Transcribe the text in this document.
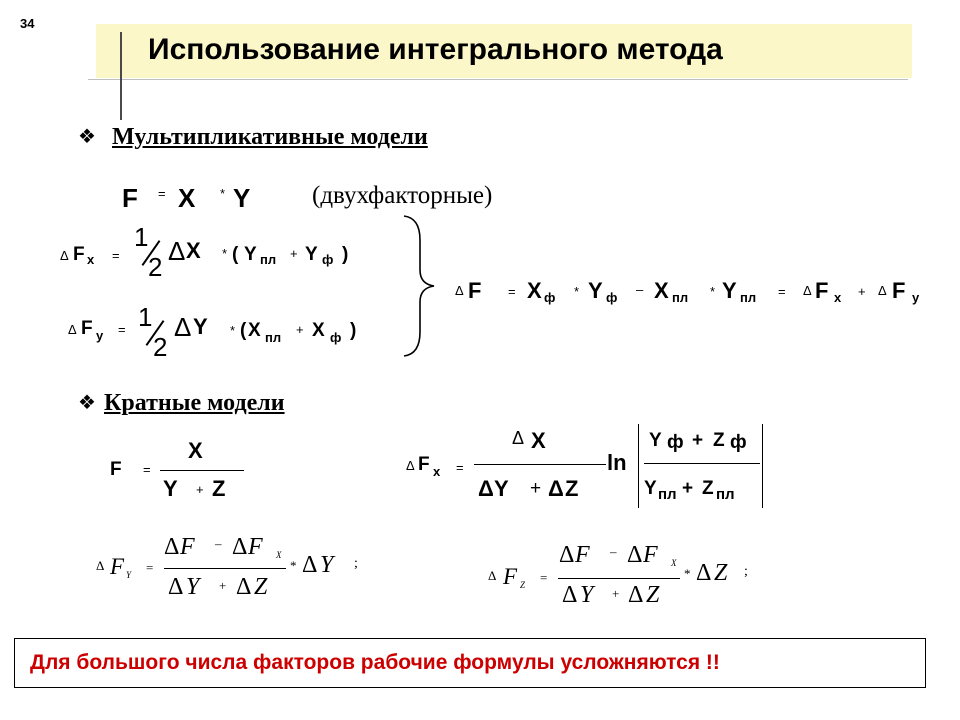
34
Использование интегрального метода
❖ Мультипликативные модели
F = X * Y (двухфакторные)
Δ F х =
1
2
Δ X * ( Y пл + Y ф )
Δ F у = 1
2
Δ Y * ( X пл
+ X ф )
Δ F = X ф * Y ф
– X пл * Y пл = Δ F х + Δ F у
❖ Кратные модели
F =
X
Y + Z
Δ F х =
Δ X
Δ Y + Δ Z
ln
Y ф + Z ф
Y пл + Z пл
Δ F Y =
Δ F – Δ F X
Δ Y + Δ Z
* Δ Y ;
Δ F Z =
Δ F – Δ F X
Δ Y + Δ Z
* Δ Z ;
Для большого числа факторов рабочие формулы усложняются !!
